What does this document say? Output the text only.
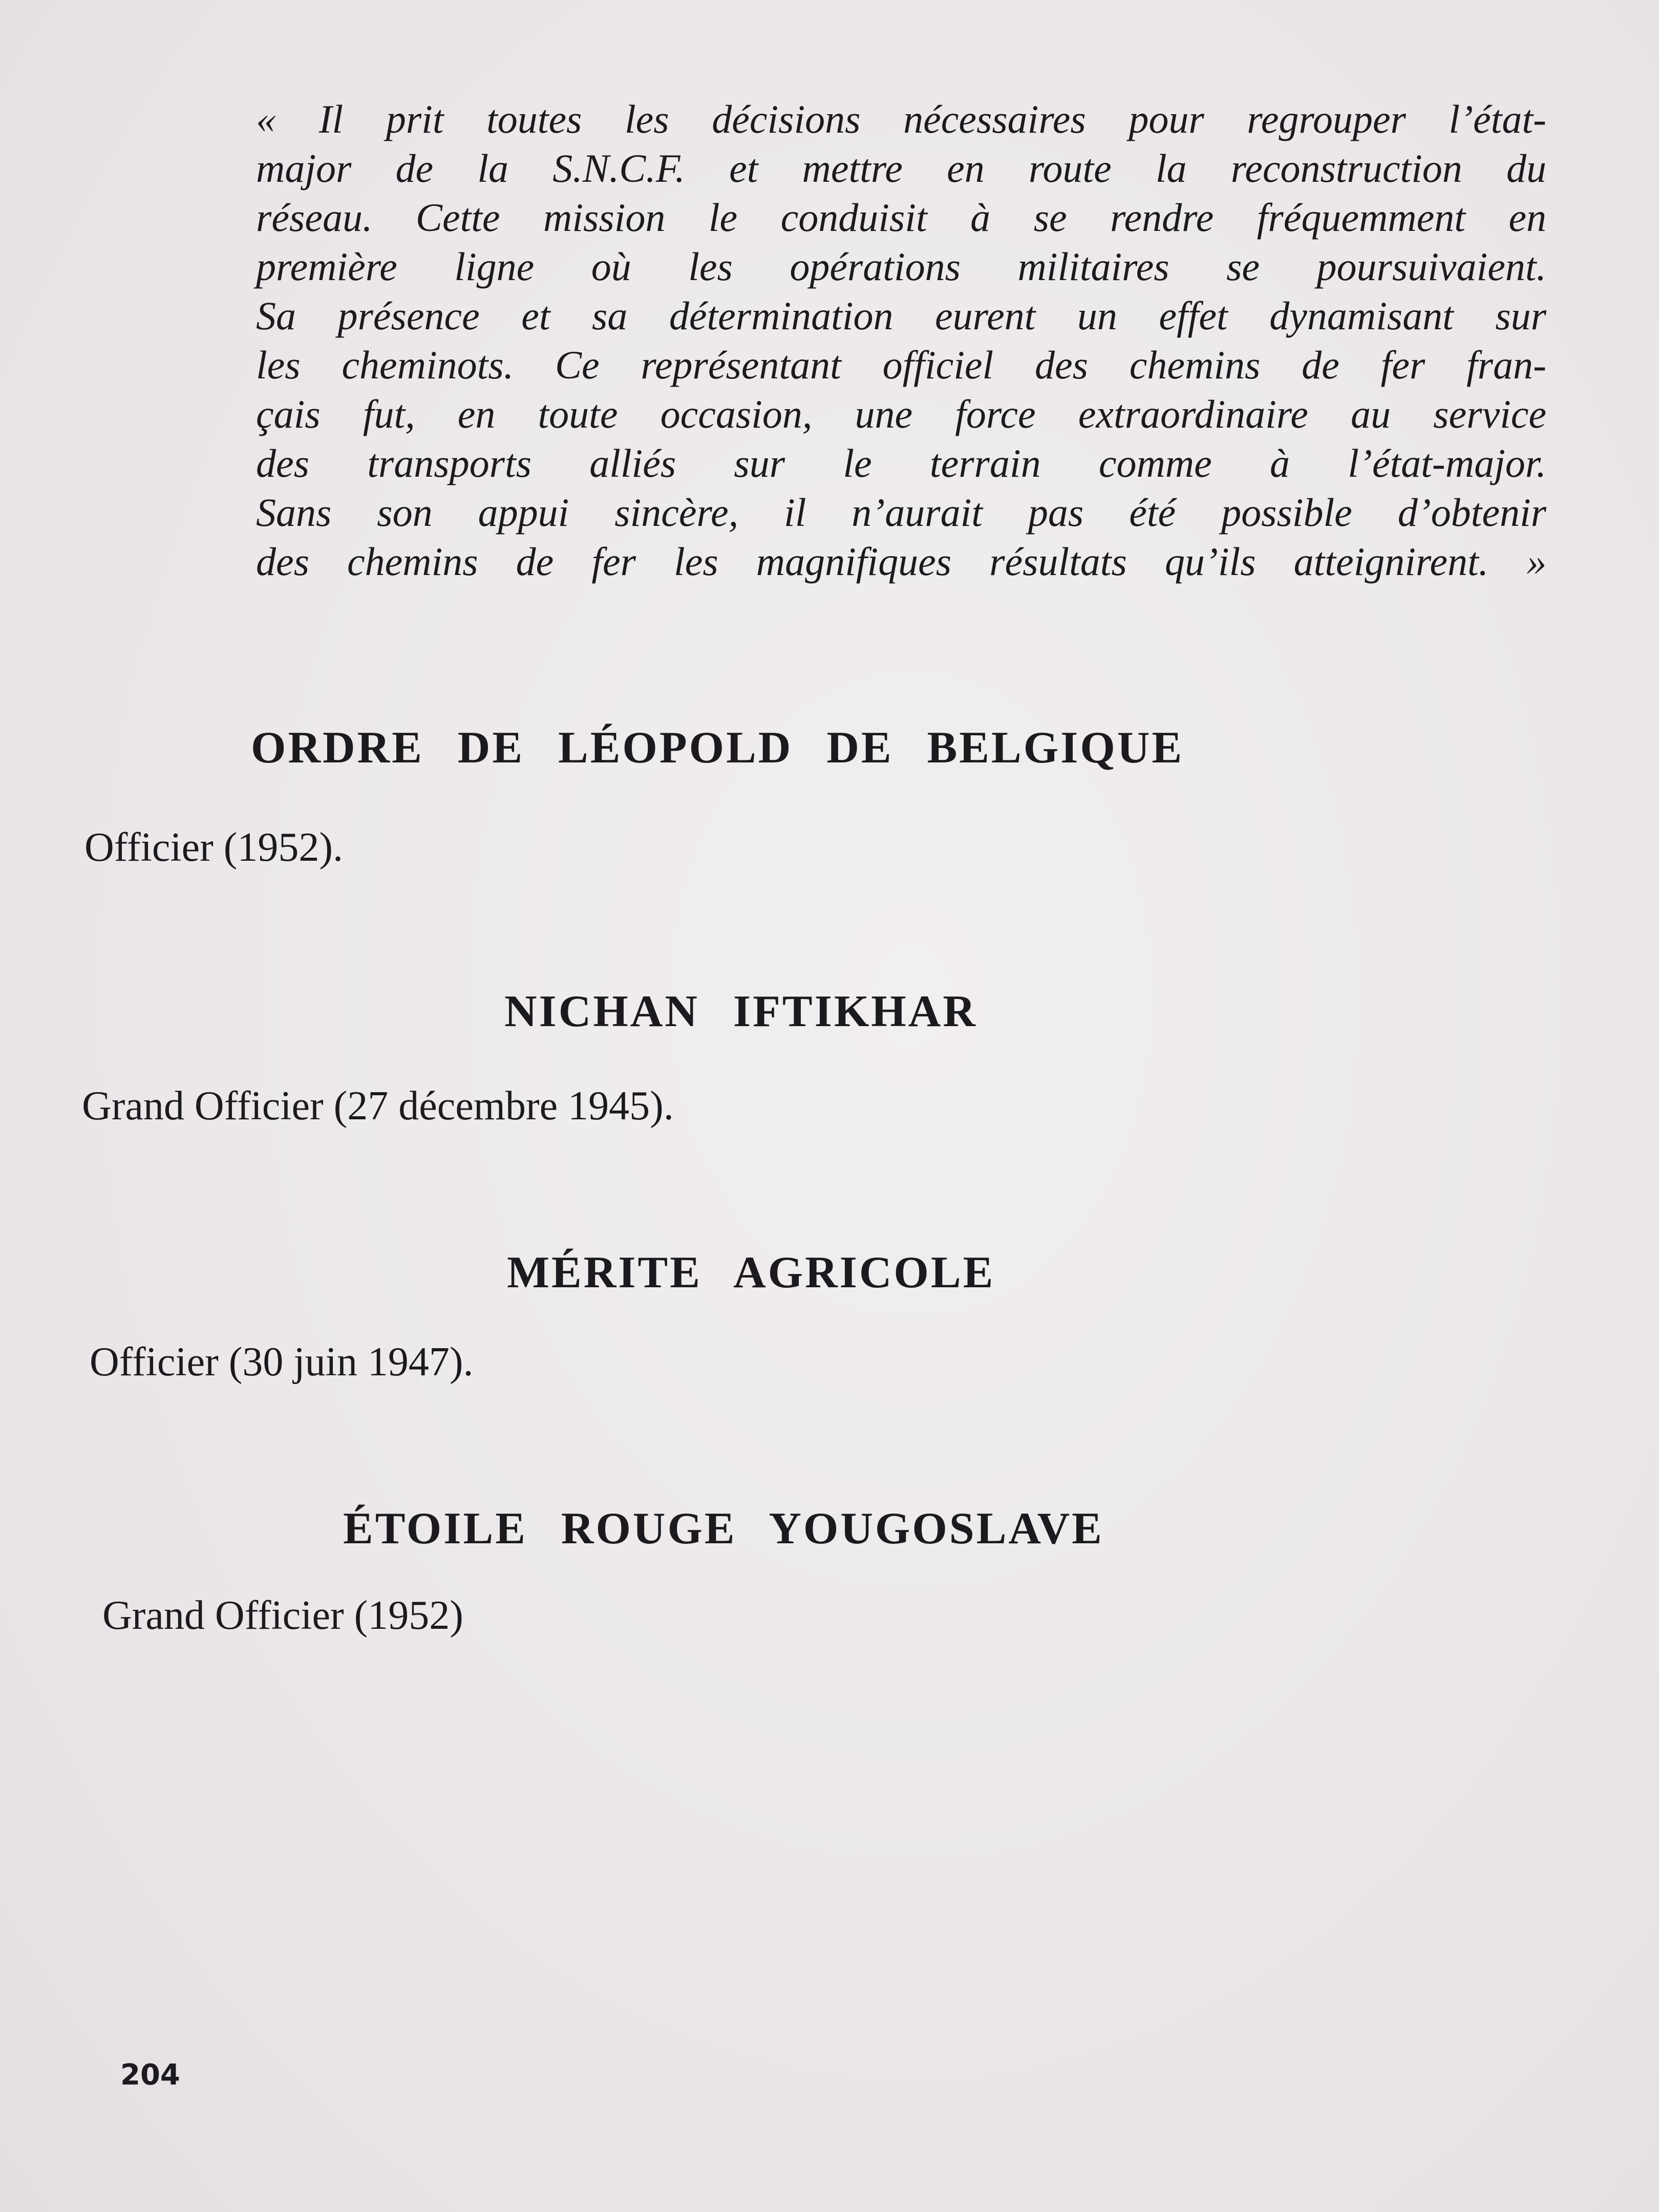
« Il prit toutes les décisions nécessaires pour regrouper l’état-
major de la S.N.C.F. et mettre en route la reconstruction du
réseau. Cette mission le conduisit à se rendre fréquemment en
première ligne où les opérations militaires se poursuivaient.
Sa présence et sa détermination eurent un effet dynamisant sur
les cheminots. Ce représentant officiel des chemins de fer fran-
çais fut, en toute occasion, une force extraordinaire au service
des transports alliés sur le terrain comme à l’état-major.
Sans son appui sincère, il n’aurait pas été possible d’obtenir
des chemins de fer les magnifiques résultats qu’ils atteignirent. »
ORDRE DE LÉOPOLD DE BELGIQUE
Officier (1952).
NICHAN IFTIKHAR
Grand Officier (27 décembre 1945).
MÉRITE AGRICOLE
Officier (30 juin 1947).
ÉTOILE ROUGE YOUGOSLAVE
Grand Officier (1952)
204
